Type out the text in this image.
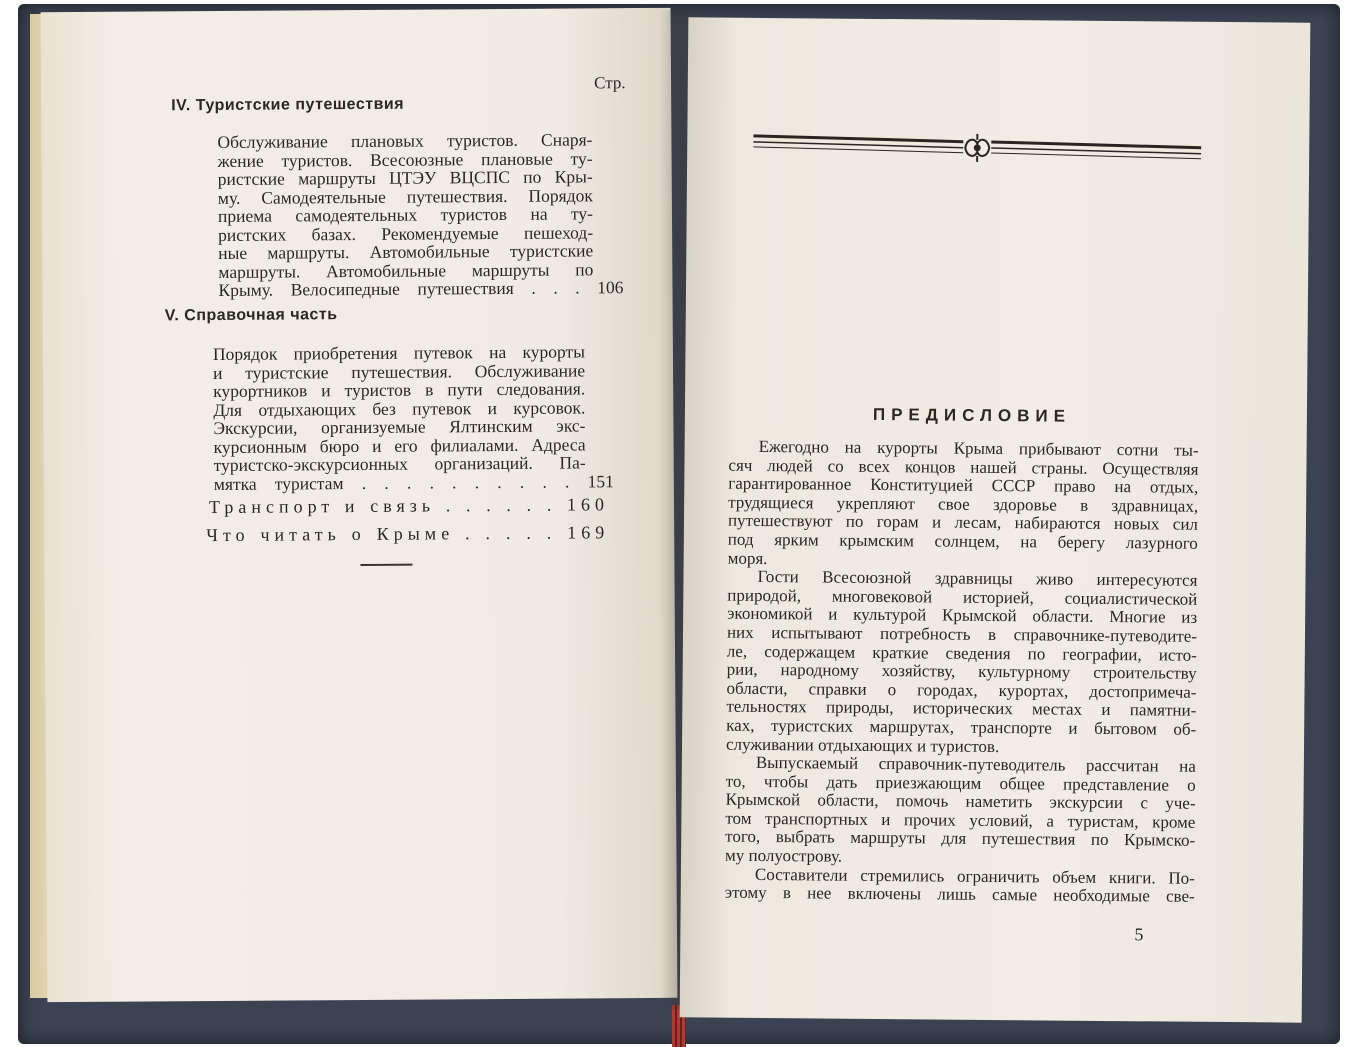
Стр.
IV. Туристские путешествия
Обслуживание плановых туристов. Снаря-
жение туристов. Всесоюзные плановые ту-
ристские маршруты ЦТЭУ ВЦСПС по Кры-
му. Самодеятельные путешествия. Порядок
приема самодеятельных туристов на ту-
ристских базах. Рекомендуемые пешеход-
ные маршруты. Автомобильные туристские
маршруты. Автомобильные маршруты по
Крыму. Велосипедные путешествия . . . 106
V. Справочная часть
Порядок приобретения путевок на курорты
и туристские путешествия. Обслуживание
курортников и туристов в пути следования.
Для отдыхающих без путевок и курсовок.
Экскурсии, организуемые Ялтинским экс-
курсионным бюро и его филиалами. Адреса
туристско-экскурсионных организаций. Па-
мятка туристам . . . . . . . . . . 151
Транспорт и связь . . . . . . 160
Что читать о Крыме . . . . . 169
ПРЕДИСЛОВИЕ
Ежегодно на курорты Крыма прибывают сотни ты-
сяч людей со всех концов нашей страны. Осуществляя
гарантированное Конституцией СССР право на отдых,
трудящиеся укрепляют свое здоровье в здравницах,
путешествуют по горам и лесам, набираются новых сил
под ярким крымским солнцем, на берегу лазурного
моря.
Гости Всесоюзной здравницы живо интересуются
природой, многовековой историей, социалистической
экономикой и культурой Крымской области. Многие из
них испытывают потребность в справочнике-путеводите-
ле, содержащем краткие сведения по географии, исто-
рии, народному хозяйству, культурному строительству
области, справки о городах, курортах, достопримеча-
тельностях природы, исторических местах и памятни-
ках, туристских маршрутах, транспорте и бытовом об-
служивании отдыхающих и туристов.
Выпускаемый справочник-путеводитель рассчитан на
то, чтобы дать приезжающим общее представление о
Крымской области, помочь наметить экскурсии с уче-
том транспортных и прочих условий, а туристам, кроме
того, выбрать маршруты для путешествия по Крымско-
му полуострову.
Составители стремились ограничить объем книги. По-
этому в нее включены лишь самые необходимые све-
5
